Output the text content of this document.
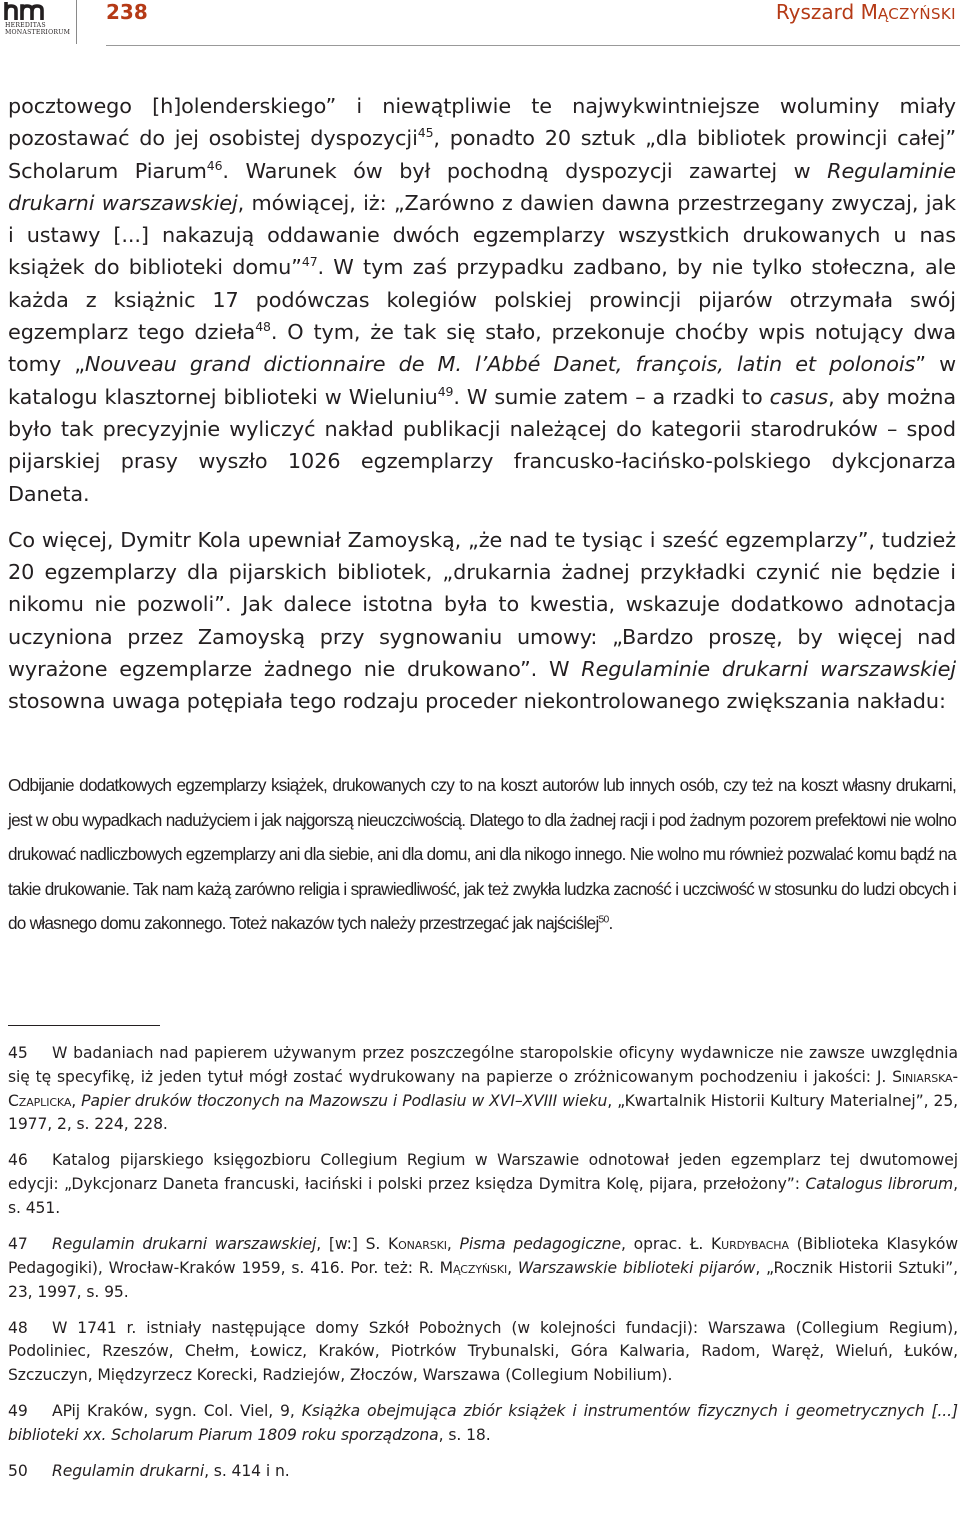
HEREDITAS
MONASTERIORUM
238	Ryszard MĄCZYŃSKI

pocztowego [h]olenderskiego” i niewątpliwie te najwykwintniejsze woluminy miały pozostawać do jej osobistej dyspozycji$^{45}$, ponadto 20 sztuk „dla bibliotek prowincji całej” Scholarum Piarum$^{46}$. Warunek ów był pochodną dyspozycji zawartej w Regulaminie drukarni warszawskiej, mówiącej, iż: „Zarówno z dawien dawna przestrzegany zwyczaj, jak i ustawy [...] nakazują oddawanie dwóch egzemplarzy wszystkich drukowanych u nas książek do biblioteki domu”$^{47}$. W tym zaś przypadku zadbano, by nie tylko stołeczna, ale każda z książnic 17 podówczas kolegiów polskiej prowincji pijarów otrzymała swój egzemplarz tego dzieła$^{48}$. O tym, że tak się stało, przekonuje choćby wpis notujący dwa tomy „Nouveau grand dictionnaire de M. l’Abbé Danet, françois, latin et polonois” w katalogu klasztornej biblioteki w Wieluniu$^{49}$. W sumie zatem – a rzadki to casus, aby można było tak precyzyjnie wyliczyć nakład publikacji należącej do kategorii starodruków – spod pijarskiej prasy wyszło 1026 egzemplarzy francusko-łacińsko-polskiego dykcjonarza Daneta.

Co więcej, Dymitr Kola upewniał Zamoyską, „że nad te tysiąc i sześć egzemplarzy”, tudzież 20 egzemplarzy dla pijarskich bibliotek, „drukarnia żadnej przykładki czynić nie będzie i nikomu nie pozwoli”. Jak dalece istotna była to kwestia, wskazuje dodatkowo adnotacja uczyniona przez Zamoyską przy sygnowaniu umowy: „Bardzo proszę, by więcej nad wyrażone egzemplarze żadnego nie drukowano”. W Regulaminie drukarni warszawskiej stosowna uwaga potępiała tego rodzaju proceder niekontrolowanego zwiększania nakładu:

Odbijanie dodatkowych egzemplarzy książek, drukowanych czy to na koszt autorów lub innych osób, czy też na koszt własny drukarni, jest w obu wypadkach nadużyciem i jak najgorszą nieuczciwością. Dlatego to dla żadnej racji i pod żadnym pozorem prefektowi nie wolno drukować nadliczbowych egzemplarzy ani dla siebie, ani dla domu, ani dla nikogo innego. Nie wolno mu również pozwalać komu bądź na takie drukowanie. Tak nam każą zarówno religia i sprawiedliwość, jak też zwykła ludzka zacność i uczciwość w stosunku do ludzi obcych i do własnego domu zakonnego. Toteż nakazów tych należy przestrzegać jak najściślej$^{50}$.

45 W badaniach nad papierem używanym przez poszczególne staropolskie oficyny wydawnicze nie zawsze uwzględnia się tę specyfikę, iż jeden tytuł mógł zostać wydrukowany na papierze o zróżnicowanym pochodzeniu i jakości: J. Siniarska-Czaplicka, Papier druków tłoczonych na Mazowszu i Podlasiu w XVI–XVIII wieku, „Kwartalnik Historii Kultury Materialnej”, 25, 1977, 2, s. 224, 228.

46 Katalog pijarskiego księgozbioru Collegium Regium w Warszawie odnotował jeden egzemplarz tej dwutomowej edycji: „Dykcjonarz Daneta francuski, łaciński i polski przez księdza Dymitra Kolę, pijara, przełożony”: Catalogus librorum, s. 451.

47 Regulamin drukarni warszawskiej, [w:] S. Konarski, Pisma pedagogiczne, oprac. Ł. Kurdybacha (Biblioteka Klasyków Pedagogiki), Wrocław-Kraków 1959, s. 416. Por. też: R. Mączyński, Warszawskie biblioteki pijarów, „Rocznik Historii Sztuki”, 23, 1997, s. 95.

48 W 1741 r. istniały następujące domy Szkół Pobożnych (w kolejności fundacji): Warszawa (Collegium Regium), Podoliniec, Rzeszów, Chełm, Łowicz, Kraków, Piotrków Trybunalski, Góra Kalwaria, Radom, Waręż, Wieluń, Łuków, Szczuczyn, Międzyrzecz Korecki, Radziejów, Złoczów, Warszawa (Collegium Nobilium).

49 APij Kraków, sygn. Col. Viel, 9, Książka obejmująca zbiór książek i instrumentów fizycznych i geometrycznych [...] biblioteki xx. Scholarum Piarum 1809 roku sporządzona, s. 18.

50 Regulamin drukarni, s. 414 i n.
